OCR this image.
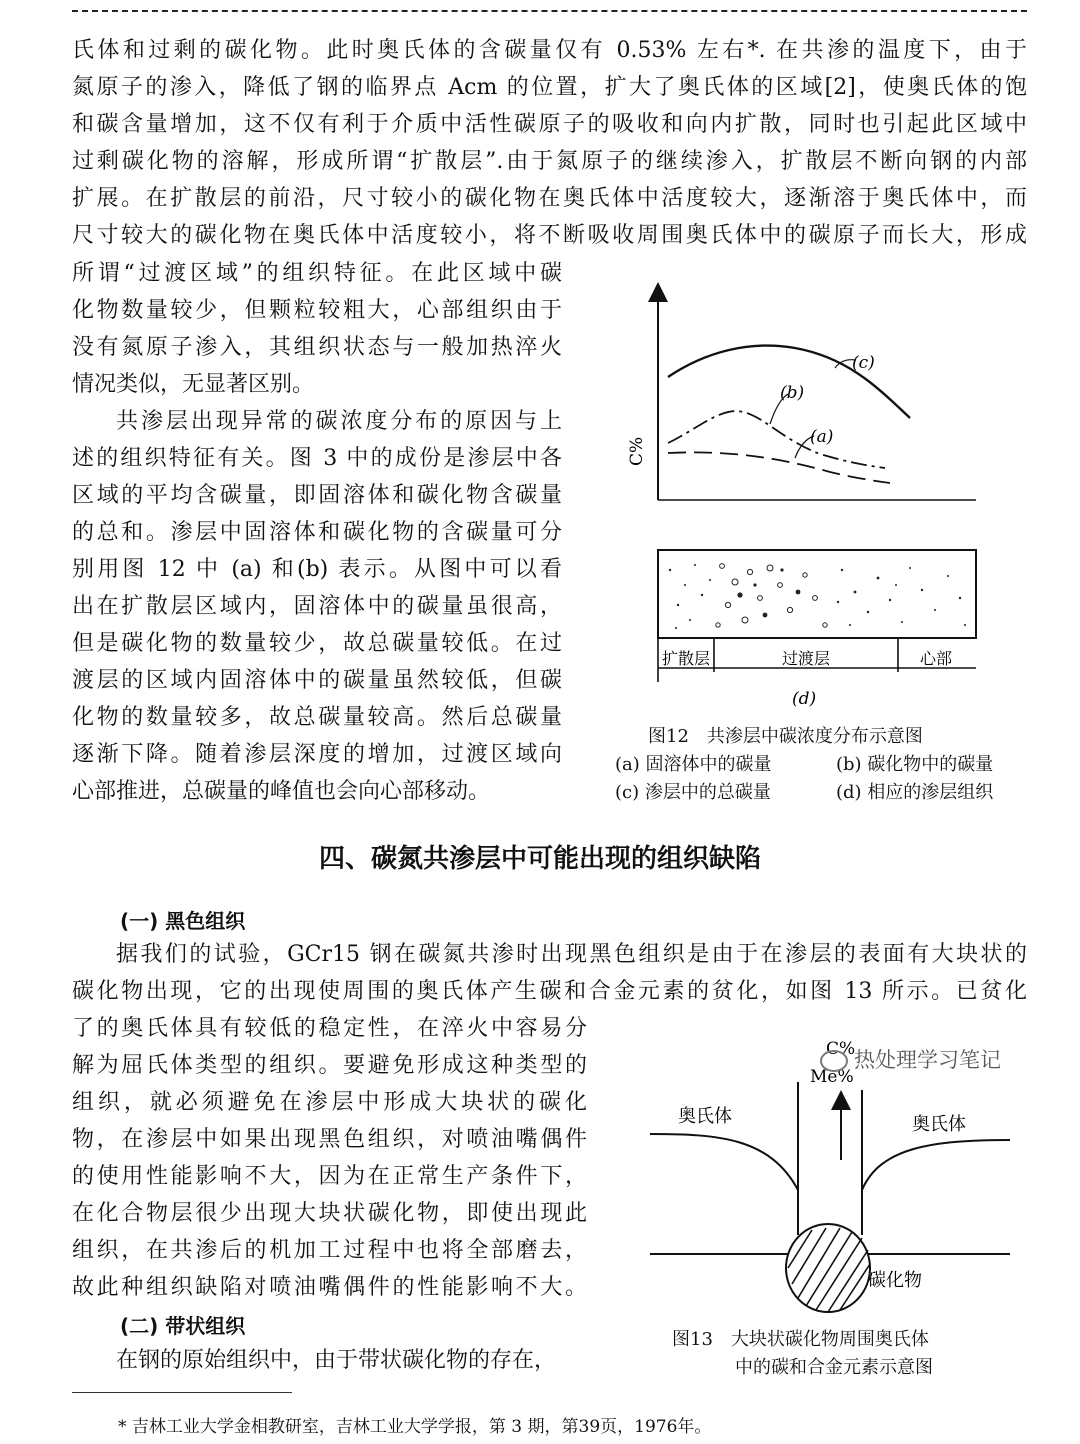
氏体和过剩的碳化物。此时奥氏体的含碳量仅有 0.53% 左右*. 在共渗的温度下，由于
氮原子的渗入，降低了钢的临界点 Acm 的位置，扩大了奥氏体的区域[2]，使奥氏体的饱
和碳含量增加，这不仅有利于介质中活性碳原子的吸收和向内扩散，同时也引起此区域中
过剩碳化物的溶解，形成所谓“扩散层”.由于氮原子的继续渗入，扩散层不断向钢的内部
扩展。在扩散层的前沿，尺寸较小的碳化物在奥氏体中活度较大，逐渐溶于奥氏体中，而
尺寸较大的碳化物在奥氏体中活度较小，将不断吸收周围奥氏体中的碳原子而长大，形成
所谓“过渡区域”的组织特征。在此区域中碳
化物数量较少，但颗粒较粗大，心部组织由于
没有氮原子渗入，其组织状态与一般加热淬火
情况类似，无显著区别。
共渗层出现异常的碳浓度分布的原因与上
述的组织特征有关。图 3 中的成份是渗层中各
区域的平均含碳量，即固溶体和碳化物含碳量
的总和。渗层中固溶体和碳化物的含碳量可分
别用图 12 中 (a) 和(b) 表示。从图中可以看
出在扩散层区域内，固溶体中的碳量虽很高，
但是碳化物的数量较少，故总碳量较低。在过
渡层的区域内固溶体中的碳量虽然较低，但碳
化物的数量较多，故总碳量较高。然后总碳量
逐渐下降。随着渗层深度的增加，过渡区域向
心部推进，总碳量的峰值也会向心部移动。
C%
(c)
(b)
(a)
扩散层	过渡层	心部
(d)
图12　共渗层中碳浓度分布示意图
(a) 固溶体中的碳量	(b) 碳化物中的碳量
(c) 渗层中的总碳量	(d) 相应的渗层组织
四、碳氮共渗层中可能出现的组织缺陷
(一) 黑色组织
据我们的试验，GCr15 钢在碳氮共渗时出现黑色组织是由于在渗层的表面有大块状的
碳化物出现，它的出现使周围的奥氏体产生碳和合金元素的贫化，如图 13 所示。已贫化
了的奥氏体具有较低的稳定性，在淬火中容易分
解为屈氏体类型的组织。要避免形成这种类型的
组织，就必须避免在渗层中形成大块状的碳化
物，在渗层中如果出现黑色组织，对喷油嘴偶件
的使用性能影响不大，因为在正常生产条件下，
在化合物层很少出现大块状碳化物，即使出现此
组织，在共渗后的机加工过程中也将全部磨去，
故此种组织缺陷对喷油嘴偶件的性能影响不大。
(二) 带状组织
在钢的原始组织中，由于带状碳化物的存在，
C%
Me%
奥氏体	奥氏体
碳化物
图13　大块状碳化物周围奥氏体
中的碳和合金元素示意图
热处理学习笔记
* 吉林工业大学金相教研室，吉林工业大学学报，第 3 期，第39页，1976年。
